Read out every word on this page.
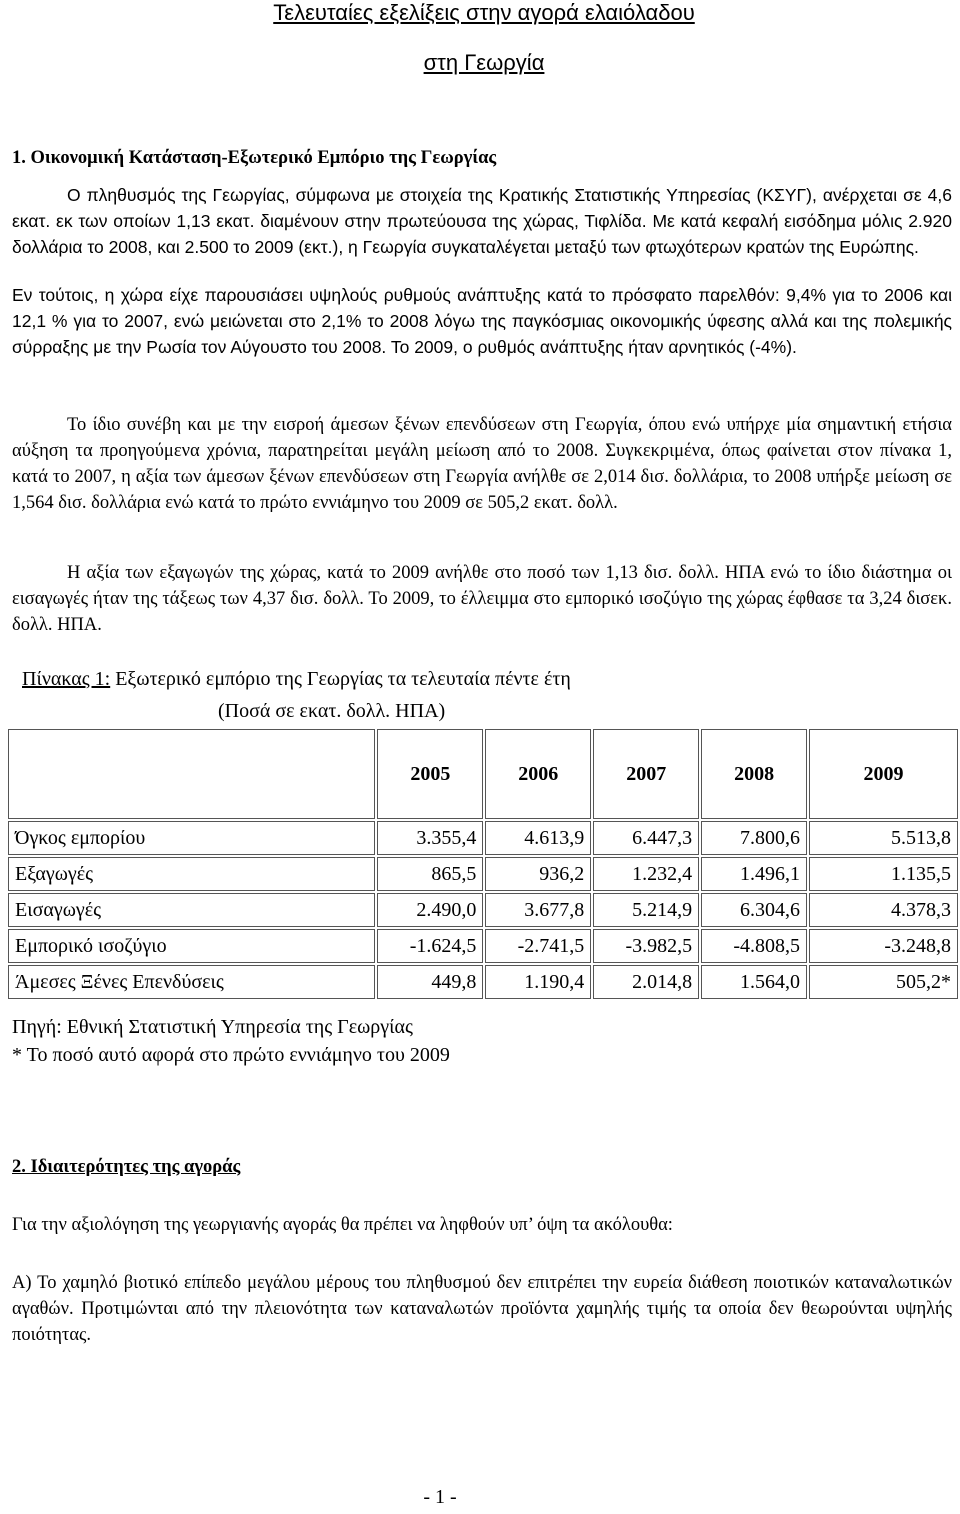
Τελευταίες εξελίξεις στην αγορά ελαιόλαδου
στη Γεωργία
1. Οικονομική Κατάσταση-Εξωτερικό Εμπόριο της Γεωργίας

Ο πληθυσμός της Γεωργίας, σύμφωνα με στοιχεία της Κρατικής Στατιστικής Υπηρεσίας (ΚΣΥΓ), ανέρχεται σε 4,6 εκατ. εκ των οποίων 1,13 εκατ. διαμένουν στην πρωτεύουσα της χώρας, Τιφλίδα. Με κατά κεφαλή εισόδημα μόλις 2.920 δολλάρια το 2008, και 2.500 το 2009 (εκτ.), η Γεωργία συγκαταλέγεται μεταξύ των φτωχότερων κρατών της Ευρώπης.

Εν τούτοις, η χώρα είχε παρουσιάσει υψηλούς ρυθμούς ανάπτυξης κατά το πρόσφατο παρελθόν: 9,4% για το 2006 και 12,1 % για το 2007, ενώ μειώνεται στο 2,1% το 2008 λόγω της παγκόσμιας οικονομικής ύφεσης αλλά και της πολεμικής σύρραξης με την Ρωσία τον Αύγουστο του 2008. Το 2009, ο ρυθμός ανάπτυξης ήταν αρνητικός (-4%).

Το ίδιο συνέβη και με την εισροή άμεσων ξένων επενδύσεων στη Γεωργία, όπου ενώ υπήρχε μία σημαντική ετήσια αύξηση τα προηγούμενα χρόνια, παρατηρείται μεγάλη μείωση από το 2008. Συγκεκριμένα, όπως φαίνεται στον πίνακα 1, κατά το 2007, η αξία των άμεσων ξένων επενδύσεων στη Γεωργία ανήλθε σε 2,014 δισ. δολλάρια, το 2008 υπήρξε μείωση σε 1,564 δισ. δολλάρια ενώ κατά το πρώτο εννιάμηνο του 2009 σε 505,2 εκατ. δολλ.

Η αξία των εξαγωγών της χώρας, κατά το 2009 ανήλθε στο ποσό των 1,13 δισ. δολλ. ΗΠΑ ενώ το ίδιο διάστημα οι εισαγωγές ήταν της τάξεως των 4,37 δισ. δολλ. Το 2009, το έλλειμμα στο εμπορικό ισοζύγιο της χώρας έφθασε τα 3,24 δισεκ. δολλ. ΗΠΑ.

Πίνακας 1: Εξωτερικό εμπόριο της Γεωργίας τα τελευταία πέντε έτη
(Ποσά σε εκατ. δολλ. ΗΠΑ)
	2005	2006	2007	2008	2009
Όγκος εμπορίου	3.355,4	4.613,9	6.447,3	7.800,6	5.513,8
Εξαγωγές	865,5	936,2	1.232,4	1.496,1	1.135,5
Εισαγωγές	2.490,0	3.677,8	5.214,9	6.304,6	4.378,3
Εμπορικό ισοζύγιο	-1.624,5	-2.741,5	-3.982,5	-4.808,5	-3.248,8
Άμεσες Ξένες Επενδύσεις	449,8	1.190,4	2.014,8	1.564,0	505,2*
Πηγή: Εθνική Στατιστική Υπηρεσία της Γεωργίας
* Το ποσό αυτό αφορά στο πρώτο εννιάμηνο του 2009
2. Ιδιαιτερότητες της αγοράς

Για την αξιολόγηση της γεωργιανής αγοράς θα πρέπει να ληφθούν υπ’ όψη τα ακόλουθα:

Α) Το χαμηλό βιοτικό επίπεδο μεγάλου μέρους του πληθυσμού δεν επιτρέπει την ευρεία διάθεση ποιοτικών καταναλωτικών αγαθών. Προτιμώνται από την πλειονότητα των καταναλωτών προϊόντα χαμηλής τιμής τα οποία δεν θεωρούνται υψηλής ποιότητας.

- 1 -
